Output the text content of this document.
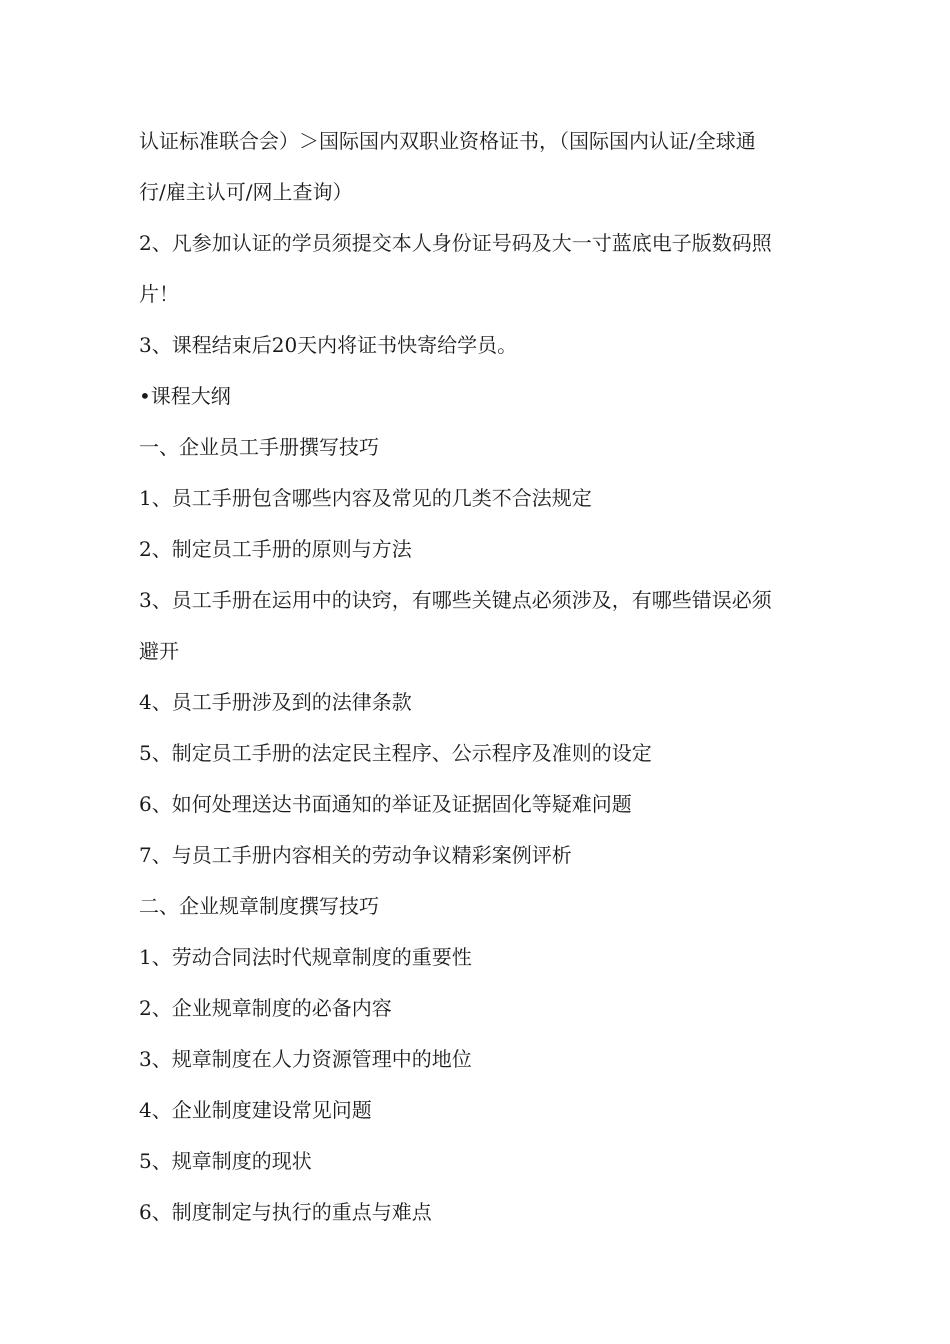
认证标准联合会）＞国际国内双职业资格证书，（国际国内认证/全球通
行/雇主认可/网上查询）
2、凡参加认证的学员须提交本人身份证号码及大一寸蓝底电子版数码照
片！
3、课程结束后20天内将证书快寄给学员。
•课程大纲
一、企业员工手册撰写技巧
1、员工手册包含哪些内容及常见的几类不合法规定
2、制定员工手册的原则与方法
3、员工手册在运用中的诀窍，有哪些关键点必须涉及，有哪些错误必须
避开
4、员工手册涉及到的法律条款
5、制定员工手册的法定民主程序、公示程序及准则的设定
6、如何处理送达书面通知的举证及证据固化等疑难问题
7、与员工手册内容相关的劳动争议精彩案例评析
二、企业规章制度撰写技巧
1、劳动合同法时代规章制度的重要性
2、企业规章制度的必备内容
3、规章制度在人力资源管理中的地位
4、企业制度建设常见问题
5、规章制度的现状
6、制度制定与执行的重点与难点
